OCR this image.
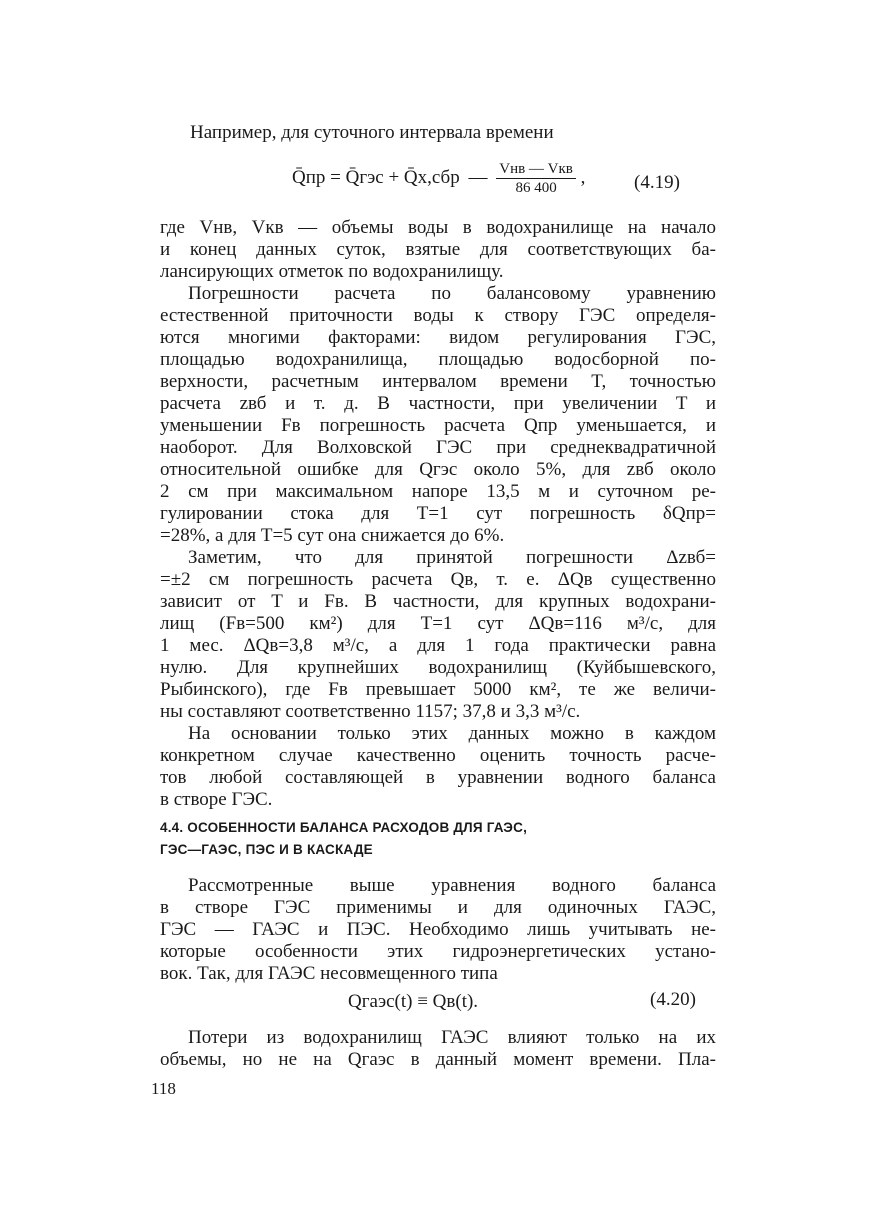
Например, для суточного интервала времени
Q̄пр = Q̄гэс + Q̄х,сбр — $\frac{\text{Vнв — Vкв}}{86 400}$ ,	(4.19)
где Vнв, Vкв — объемы воды в водохранилище на начало
и конец данных суток, взятые для соответствующих ба-
лансирующих отметок по водохранилищу.
Погрешности расчета по балансовому уравнению
естественной приточности воды к створу ГЭС определя-
ются многими факторами: видом регулирования ГЭС,
площадью водохранилища, площадью водосборной по-
верхности, расчетным интервалом времени T, точностью
расчета zвб и т. д. В частности, при увеличении T и
уменьшении Fв погрешность расчета Qпр уменьшается, и
наоборот. Для Волховской ГЭС при среднеквадратичной
относительной ошибке для Qгэс около 5%, для zвб около
2 см при максимальном напоре 13,5 м и суточном ре-
гулировании стока для T=1 сут погрешность δQпр=
=28%, а для T=5 сут она снижается до 6%.
Заметим, что для принятой погрешности Δzвб=
=±2 см погрешность расчета Qв, т. е. ΔQв существенно
зависит от T и Fв. В частности, для крупных водохрани-
лищ (Fв=500 км²) для T=1 сут ΔQв=116 м³/с, для
1 мес. ΔQв=3,8 м³/с, а для 1 года практически равна
нулю. Для крупнейших водохранилищ (Куйбышевского,
Рыбинского), где Fв превышает 5000 км², те же величи-
ны составляют соответственно 1157; 37,8 и 3,3 м³/с.
На основании только этих данных можно в каждом
конкретном случае качественно оценить точность расче-
тов любой составляющей в уравнении водного баланса
в створе ГЭС.
4.4. ОСОБЕННОСТИ БАЛАНСА РАСХОДОВ ДЛЯ ГАЭС,
ГЭС—ГАЭС, ПЭС И В КАСКАДЕ
Рассмотренные выше уравнения водного баланса
в створе ГЭС применимы и для одиночных ГАЭС,
ГЭС — ГАЭС и ПЭС. Необходимо лишь учитывать не-
которые особенности этих гидроэнергетических устано-
вок. Так, для ГАЭС несовмещенного типа
Qгаэс(t) ≡ Qв(t).	(4.20)
Потери из водохранилищ ГАЭС влияют только на их
объемы, но не на Qгаэс в данный момент времени. Пла-
118
